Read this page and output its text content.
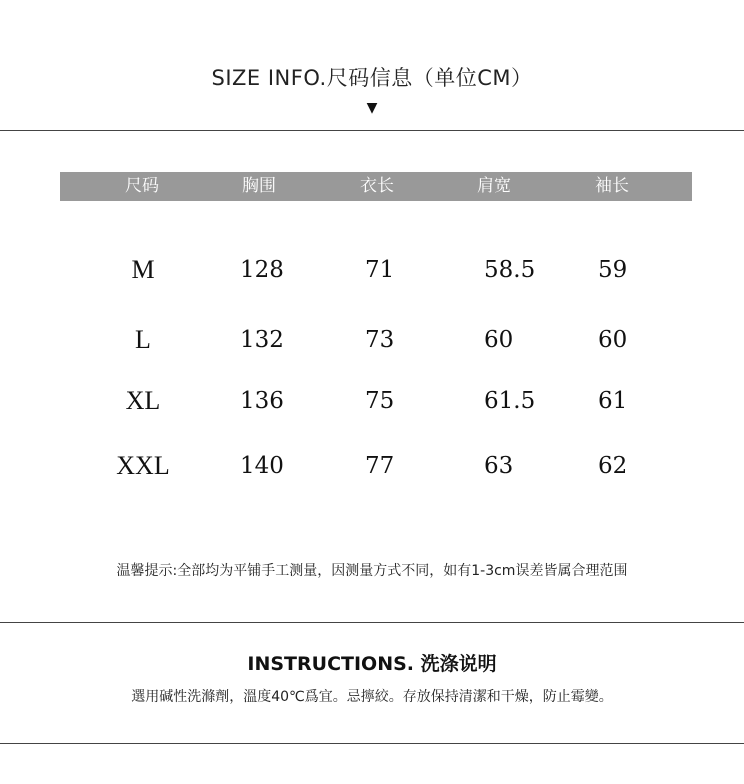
SIZE INFO.尺码信息（单位CM）
▼
尺码	胸围	衣长	肩宽	袖长
M	128	71	58.5	59
L	132	73	60	60
XL	136	75	61.5	61
XXL	140	77	63	62
温馨提示:全部均为平铺手工测量，因测量方式不同，如有1-3cm误差皆属合理范围
INSTRUCTIONS. 洗涤说明
選用碱性洗滌劑，溫度40℃爲宜。忌擰絞。存放保持清潔和干燥，防止霉變。
